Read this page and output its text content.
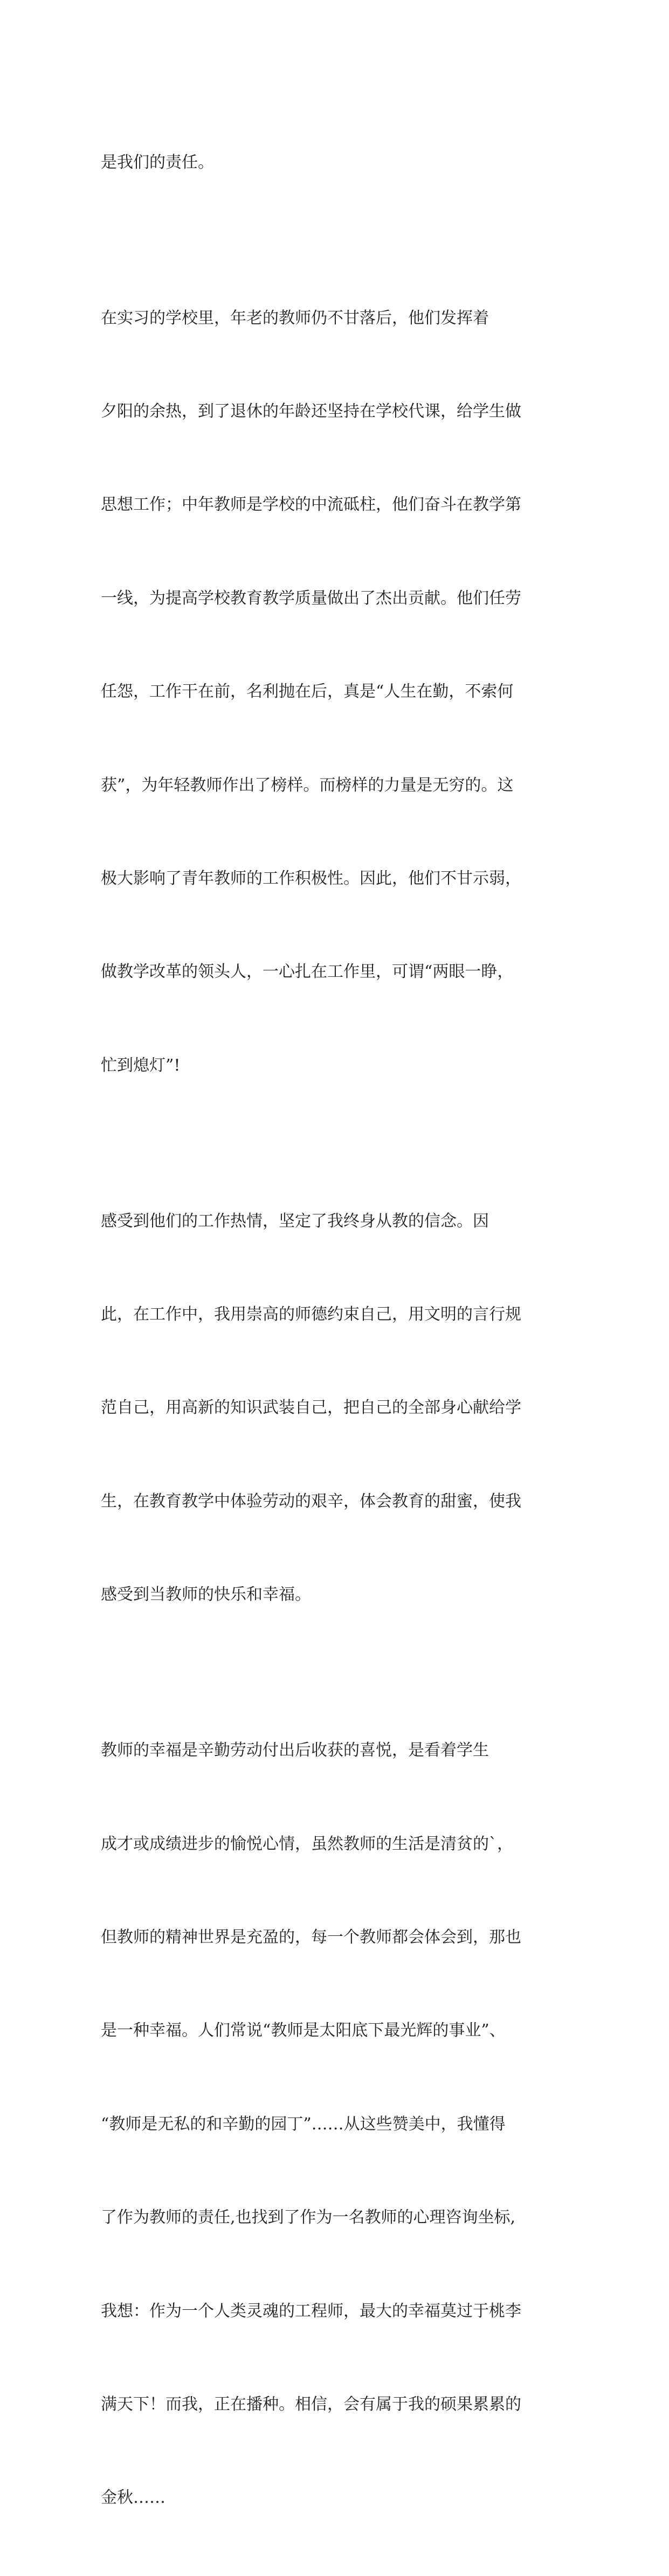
是我们的责任。

在实习的学校里，年老的教师仍不甘落后，他们发挥着

夕阳的余热，到了退休的年龄还坚持在学校代课，给学生做

思想工作；中年教师是学校的中流砥柱，他们奋斗在教学第

一线，为提高学校教育教学质量做出了杰出贡献。他们任劳

任怨，工作干在前，名利抛在后，真是“人生在勤，不索何

获”，为年轻教师作出了榜样。而榜样的力量是无穷的。这

极大影响了青年教师的工作积极性。因此，他们不甘示弱，

做教学改革的领头人，一心扎在工作里，可谓“两眼一睁，

忙到熄灯”!

感受到他们的工作热情，坚定了我终身从教的信念。因

此，在工作中，我用崇高的师德约束自己，用文明的言行规

范自己，用高新的知识武装自己，把自己的全部身心献给学

生，在教育教学中体验劳动的艰辛，体会教育的甜蜜，使我

感受到当教师的快乐和幸福。

教师的幸福是辛勤劳动付出后收获的喜悦，是看着学生

成才或成绩进步的愉悦心情，虽然教师的生活是清贫的`，

但教师的精神世界是充盈的，每一个教师都会体会到，那也

是一种幸福。人们常说“教师是太阳底下最光辉的事业”、

“教师是无私的和辛勤的园丁”……从这些赞美中，我懂得

了作为教师的责任,也找到了作为一名教师的心理咨询坐标,

我想：作为一个人类灵魂的工程师，最大的幸福莫过于桃李

满天下！而我，正在播种。相信，会有属于我的硕果累累的

金秋……
